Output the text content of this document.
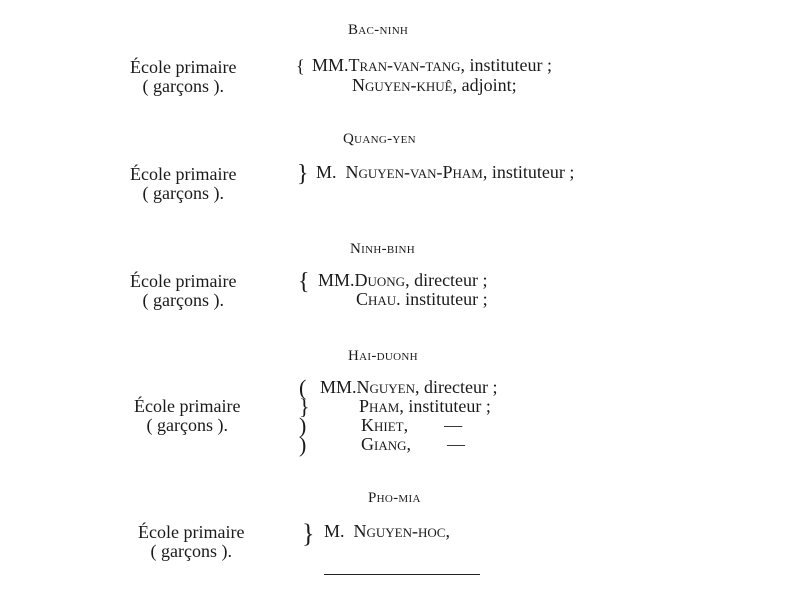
Bac-ninh
École primaire
( garçons ).
{ MM.Tran-van-tang, instituteur ;
Nguyen-khuê, adjoint;
Quang-yen
École primaire
( garçons ).
} M. Nguyen-van-Pham, instituteur ;
Ninh-binh
École primaire
( garçons ).
{ MM.Duong, directeur ;
Chau. instituteur ;
Hai-duonh
École primaire
( garçons ).
(
}
)
)
MM.Nguyen, directeur ;
Pham, instituteur ;
Khiet,        —
Giang,        —
Pho-mia
École primaire
( garçons ).
} M. Nguyen-hoc,
